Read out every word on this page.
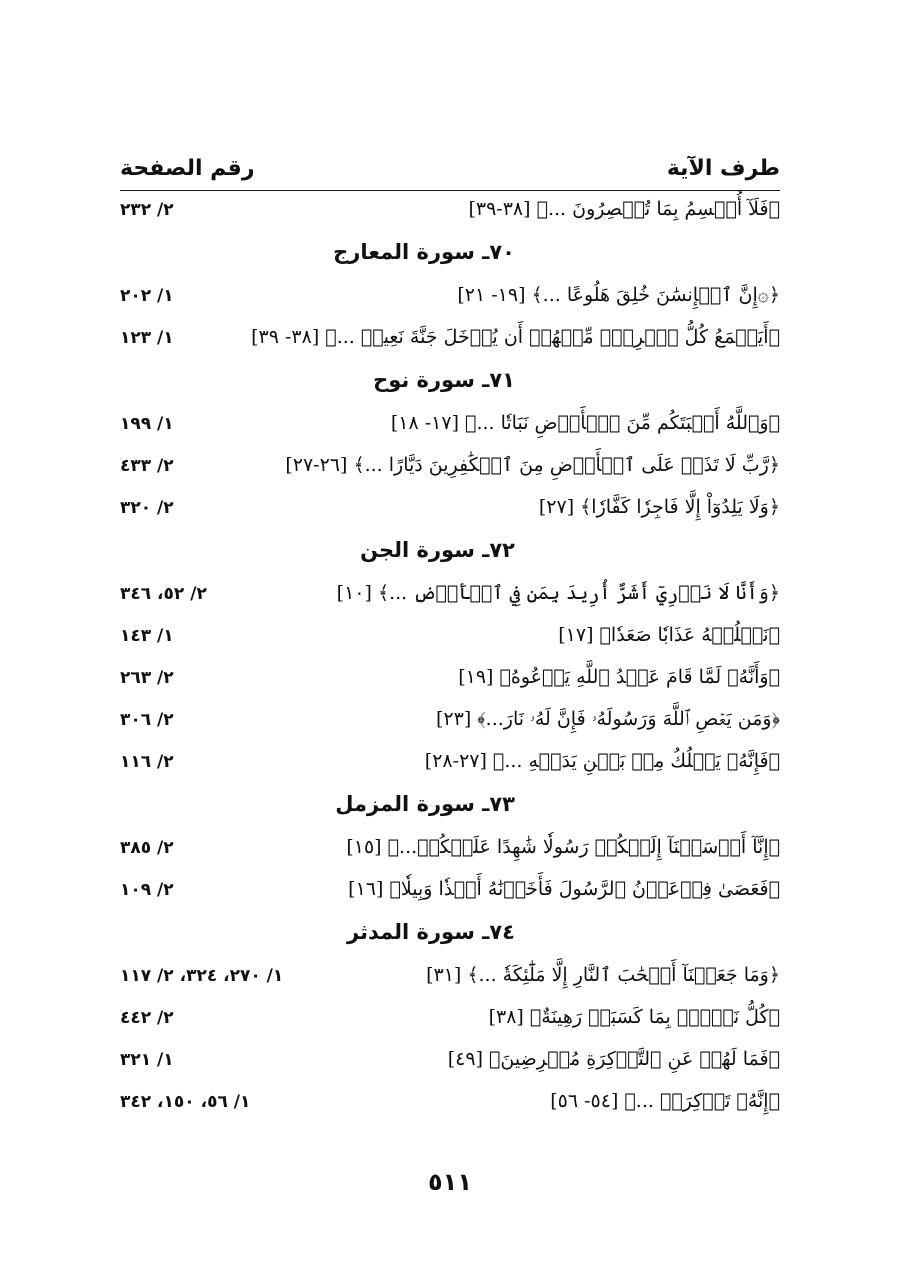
طرف الآية
رقم الصفحة
﴿فَلَآ أُقۡسِمُ بِمَا تُبۡصِرُونَ ...﴾ [٣٨-٣٩]
٢/ ٢٣٢
٧٠ـ سورة المعارج
﴿۞إِنَّ ٱلۡإِنسَٰنَ خُلِقَ هَلُوعًا ...﴾ [١٩- ٢١]
١/ ٢٠٢
﴿أَيَطۡمَعُ كُلُّ ٱمۡرِيٕٖ مِّنۡهُمۡ أَن يُدۡخَلَ جَنَّةَ نَعِيمٖ ...﴾ [٣٨- ٣٩]
١/ ١٢٣
٧١ـ سورة نوح
﴿وَٱللَّهُ أَنۢبَتَكُم مِّنَ ٱلۡأَرۡضِ نَبَاتٗا ...﴾ [١٧- ١٨]
١/ ١٩٩
﴿رَّبِّ لَا تَذَرۡ عَلَى ٱلۡأَرۡضِ مِنَ ٱلۡكَٰفِرِينَ دَيَّارًا ...﴾ [٢٦-٢٧]
٢/ ٤٣٣
﴿وَلَا يَلِدُوٓاْ إِلَّا فَاجِرٗا كَفَّارٗا﴾ [٢٧]
٢/ ٣٢٠
٧٢ـ سورة الجن
﴿وَأَنَّا لَا نَدۡرِيٓ أَشَرٌّ أُرِيدَ بِمَن فِي ٱلۡأَرۡضِ ...﴾ [١٠]
٢/ ٥٢، ٣٤٦
﴿نَسۡلُكۡهُ عَذَابٗا صَعَدٗا﴾ [١٧]
١/ ١٤٣
﴿وَأَنَّهُۥ لَمَّا قَامَ عَبۡدُ ٱللَّهِ يَدۡعُوهُ﴾ [١٩]
٢/ ٢٦٣
﴿وَمَن يَعۡصِ ٱللَّهَ وَرَسُولَهُۥ فَإِنَّ لَهُۥ نَارَ...﴾ [٢٣]
٢/ ٣٠٦
﴿فَإِنَّهُۥ يَسۡلُكُ مِنۢ بَيۡنِ يَدَيۡهِ ...﴾ [٢٧-٢٨]
٢/ ١١٦
٧٣ـ سورة المزمل
﴿إِنَّآ أَرۡسَلۡنَآ إِلَيۡكُمۡ رَسُولٗا شَٰهِدًا عَلَيۡكُمۡ...﴾ [١٥]
٢/ ٣٨٥
﴿فَعَصَىٰ فِرۡعَوۡنُ ٱلرَّسُولَ فَأَخَذۡنَٰهُ أَخۡذٗا وَبِيلٗا﴾ [١٦]
٢/ ١٠٩
٧٤ـ سورة المدثر
﴿وَمَا جَعَلۡنَآ أَصۡحَٰبَ ٱلنَّارِ إِلَّا مَلَٰٓئِكَةٗ ...﴾ [٣١]
١/ ٢٧٠، ٣٢٤، ٢/ ١١٧
﴿كُلُّ نَفۡسِۭ بِمَا كَسَبَتۡ رَهِينَةٌ﴾ [٣٨]
٢/ ٤٤٢
﴿فَمَا لَهُمۡ عَنِ ٱلتَّذۡكِرَةِ مُعۡرِضِينَ﴾ [٤٩]
١/ ٣٢١
﴿إِنَّهُۥ تَذۡكِرَةٞ ...﴾ [٥٤- ٥٦]
١/ ٥٦، ١٥٠، ٣٤٢
٥١١
